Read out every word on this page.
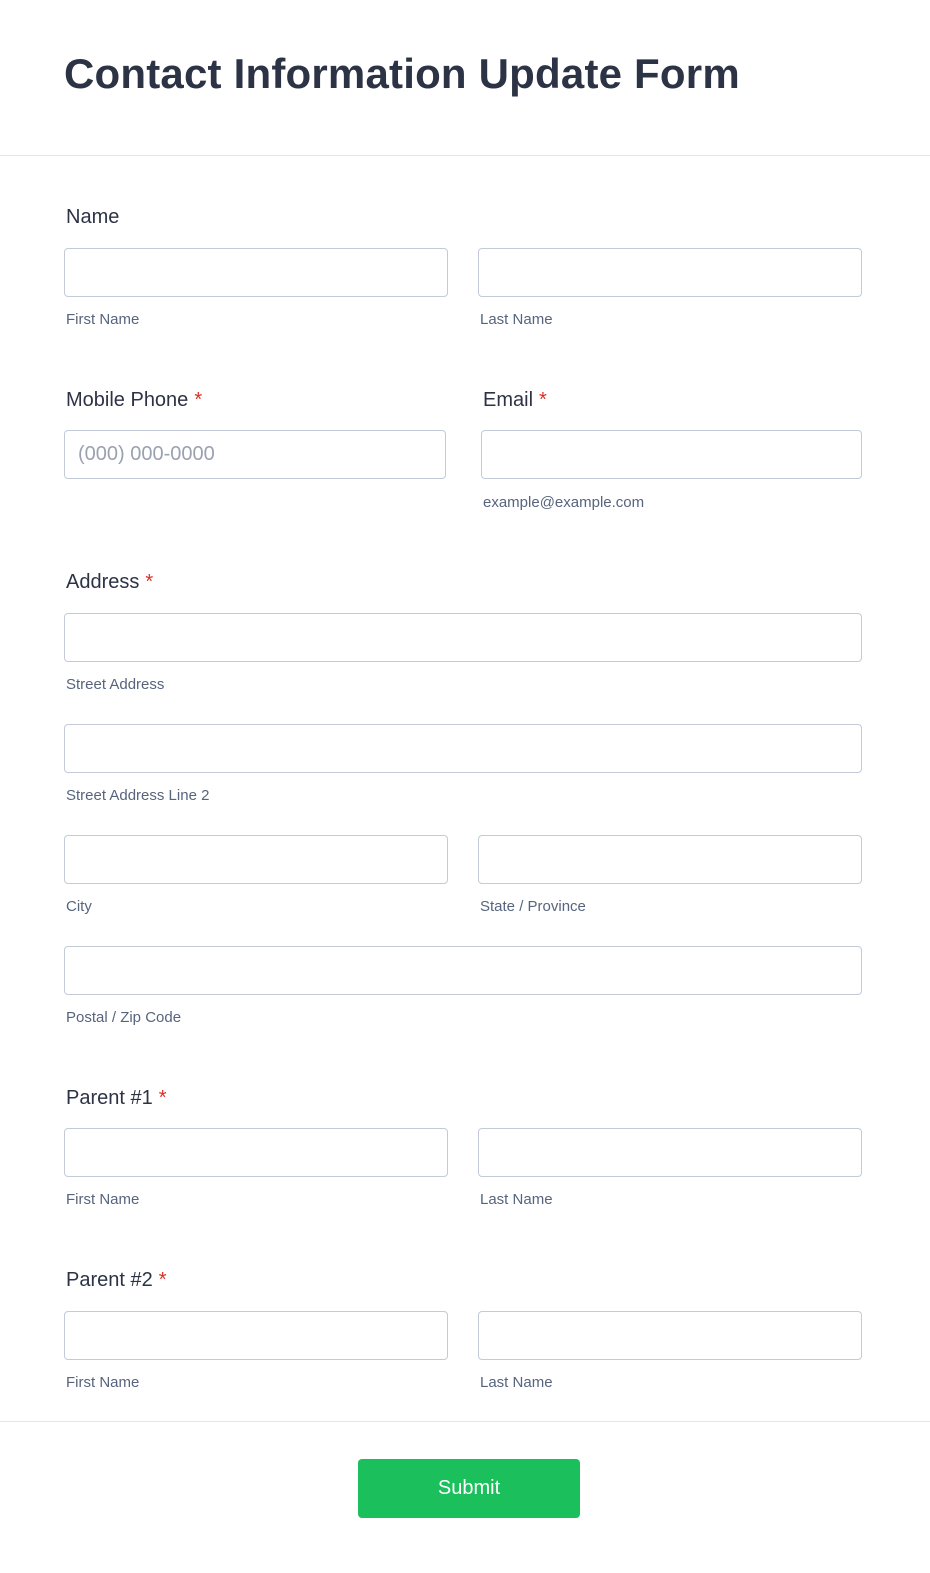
Contact Information Update Form
Name
First Name	Last Name
Mobile Phone *
(000) 000-0000	Email *
example@example.com
Address *
Street Address
Street Address Line 2
City	State / Province
Postal / Zip Code
Parent #1 *
First Name	Last Name
Parent #2 *
First Name	Last Name
Submit
